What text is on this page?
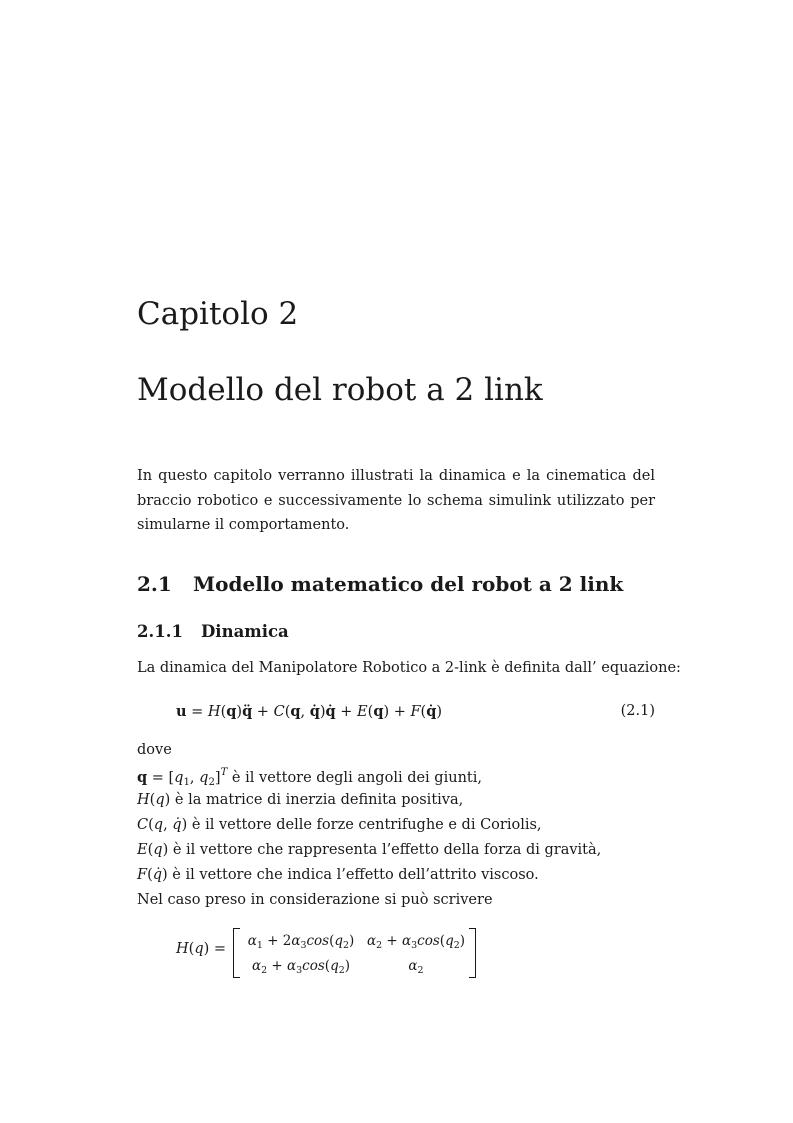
Capitolo 2
Modello del robot a 2 link

In questo capitolo verranno illustrati la dinamica e la cinematica del braccio robotico e successivamente lo schema simulink utilizzato per simularne il comportamento.

2.1 Modello matematico del robot a 2 link
2.1.1 Dinamica
La dinamica del Manipolatore Robotico a 2-link è definita dall’ equazione:
u = H(q)q̈ + C(q, q̇)q̇ + E(q) + F(q̇)	(2.1)
dove
$q = [q_1$, $q_2]^T$ è il vettore degli angoli dei giunti,
H(q) è la matrice di inerzia definita positiva,
C(q, q̇) è il vettore delle forze centrifughe e di Coriolis,
E(q) è il vettore che rappresenta l’effetto della forza di gravità,
F(q̇) è il vettore che indica l’effetto dell’attrito viscoso.
Nel caso preso in considerazione si può scrivere
$H(q) = \alpha_1 + 2\alpha_3\cos(q_2) \alpha_2 + \alpha_3\cos(q_2)$
$\alpha_2 + \alpha_3\cos(q_2)$	$\alpha_2$
